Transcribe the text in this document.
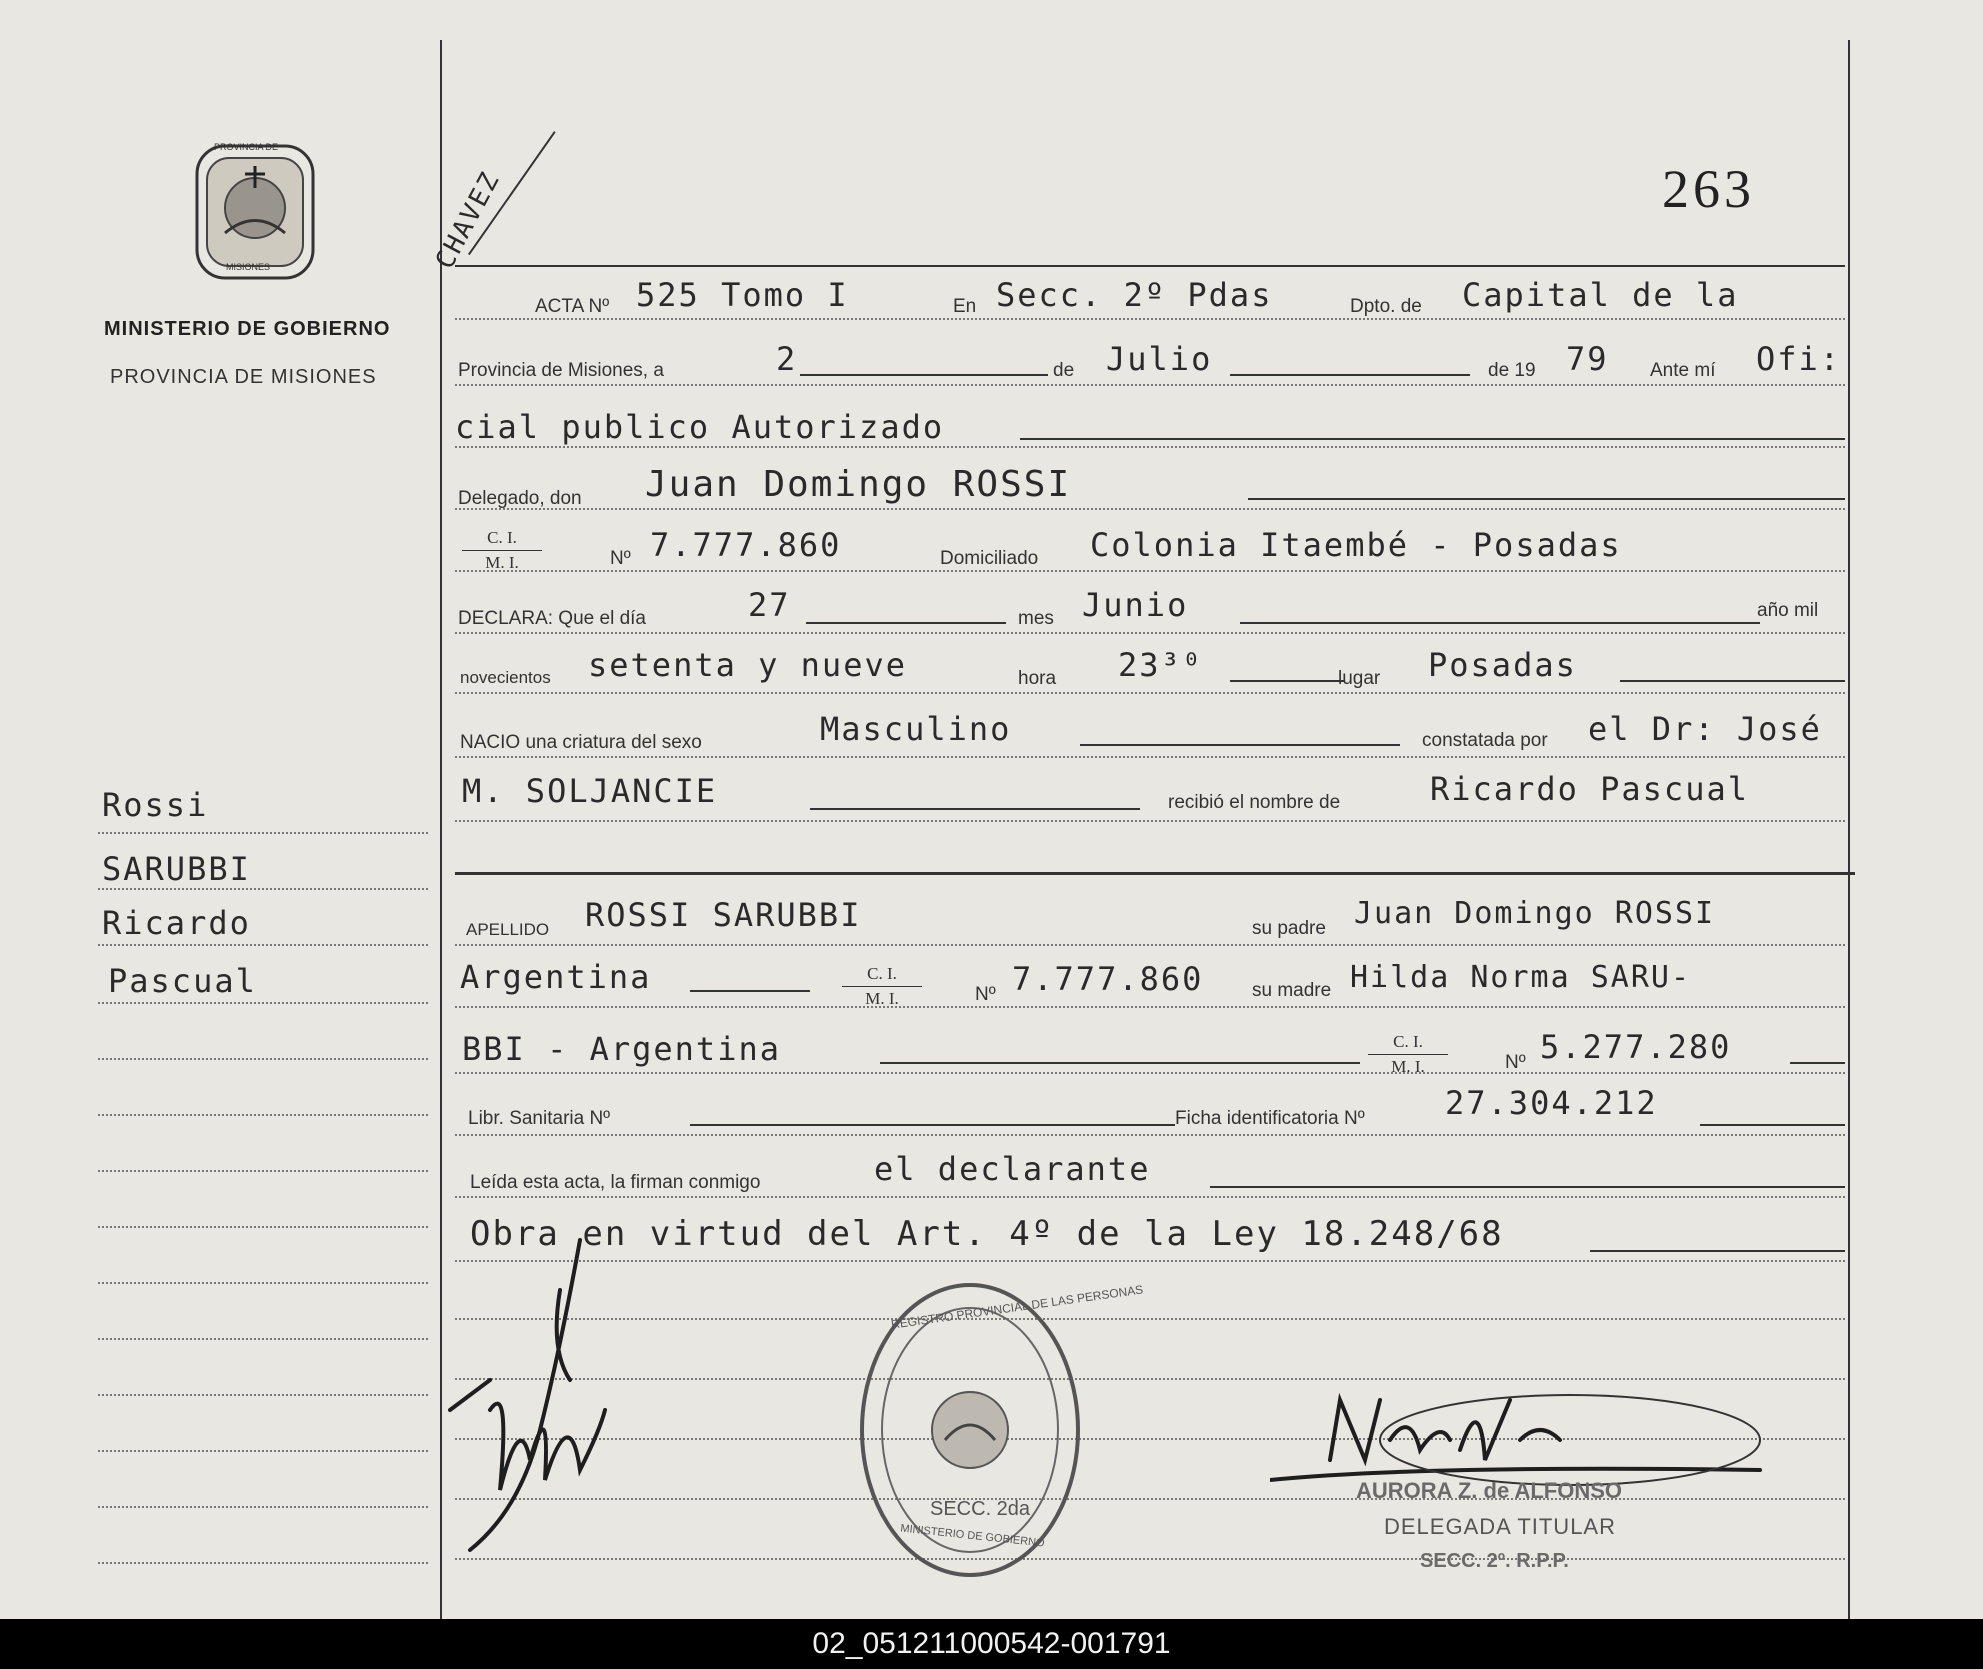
PROVINCIA DE
MISIONES
MINISTERIO DE GOBIERNO
PROVINCIA DE MISIONES
263
CHAVEZ
Rossi
SARUBBI
Ricardo
Pascual
ACTA Nº 525 Tomo I	En Secc. 2º Pdas	Dpto. de Capital de la
Provincia de Misiones, a	2	de Julio	de 19 79 Ante mí Ofi:
cial publico Autorizado
Delegado, don Juan Domingo ROSSI
$\frac{C. I.}{M. I.}$	Nº 7.777.860	Domiciliado Colonia Itaembé - Posadas
DECLARA: Que el día	27	mes Junio	año mil
novecientos setenta y nueve	hora 23³⁰	lugar Posadas
NACIO una criatura del sexo	Masculino	constatada por el Dr: José
M. SOLJANCIE	recibió el nombre de	Ricardo Pascual
APELLIDO ROSSI SARUBBI	su padre Juan Domingo ROSSI
Argentina	$\frac{C. I.}{M. I.}$	Nº 7.777.860	su madre Hilda Norma SARU-
BBI - Argentina	$\frac{C. I.}{M. I.}$	Nº 5.277.280
Libr. Sanitaria Nº	Ficha identificatoria Nº	27.304.212
Leída esta acta, la firman conmigo	el declarante
Obra en virtud del Art. 4º de la Ley 18.248/68
REGISTRO PROVINCIAL DE LAS PERSONAS
SECC. 2da
MINISTERIO DE GOBIERNO
AURORA Z. de ALFONSO
DELEGADA TITULAR
SECC. 2º. R.P.P.
02_051211000542-001791
